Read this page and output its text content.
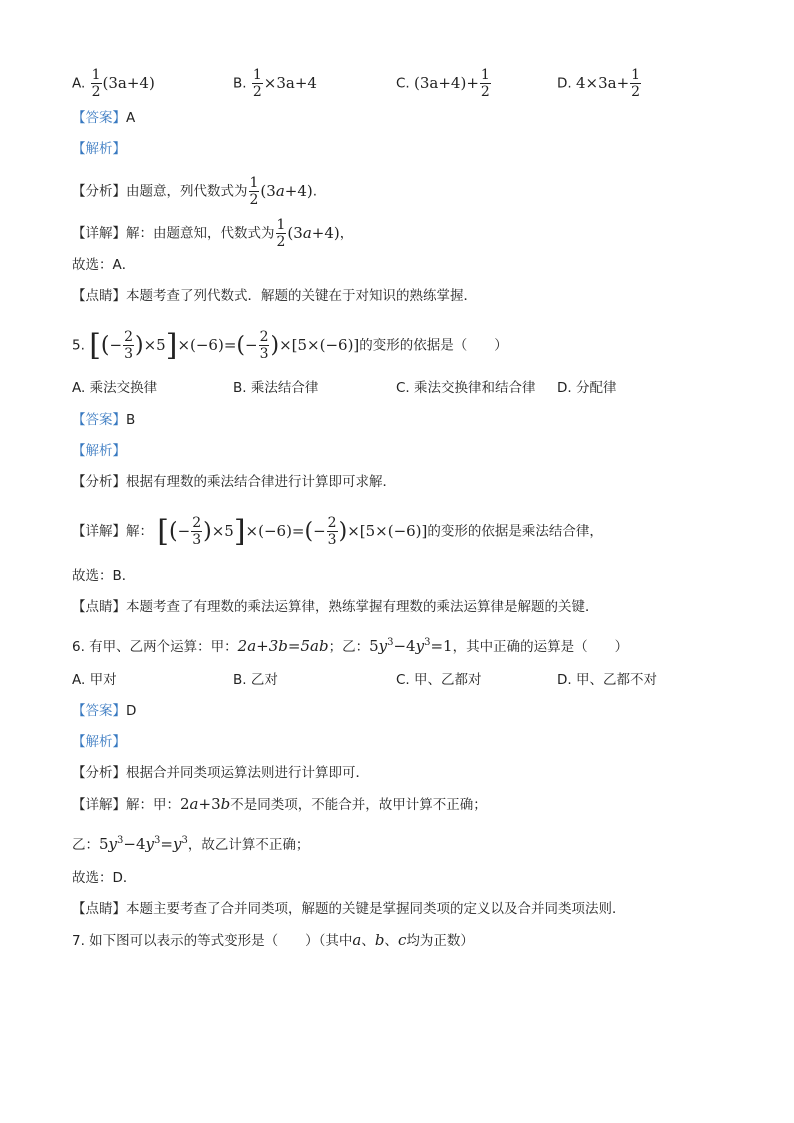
A. $\frac{1}{2} (3a+4)$	B. $\frac{1}{2} \times 3a+4$	C. $(3a+4)+ \frac{1}{2}$	D. $4\times 3a+ \frac{1}{2}$
【答案】A
【解析】
【分析】由题意，列代数式为 $\frac{1}{2} (3a+4)$.
【详解】解：由题意知，代数式为 $\frac{1}{2} (3a+4)$，
故选：A．
【点睛】本题考查了列代数式．解题的关键在于对知识的熟练掌握．
5. [(− $\frac{2}{3} )\times 5]\times(-6)=(- \frac{2}{3} )\times[5\times(-6)]$的变形的依据是（　　）
A. 乘法交换律	B. 乘法结合律	C. 乘法交换律和结合律 D. 分配律
【答案】B
【解析】
【分析】根据有理数的乘法结合律进行计算即可求解．
【详解】解： [(− $\frac{2}{3} )\times 5]\times(-6)=(- \frac{2}{3} )\times[5\times(-6)]$的变形的依据是乘法结合律，
故选：B．
【点睛】本题考查了有理数的乘法运算律，熟练掌握有理数的乘法运算律是解题的关键．
6. 有甲、乙两个运算：甲：2a+3b=5ab；乙：$5y^3-4y^3=1$，其中正确的运算是（　　）
A. 甲对	B. 乙对	C. 甲、乙都对	D. 甲、乙都不对
【答案】D
【解析】
【分析】根据合并同类项运算法则进行计算即可．
【详解】解：甲：2a+3b不是同类项，不能合并，故甲计算不正确；
乙：$5y^3-4y^3=y^3$，故乙计算不正确；
故选：D．
【点睛】本题主要考查了合并同类项，解题的关键是掌握同类项的定义以及合并同类项法则．
7. 如下图可以表示的等式变形是（　　）（其中a、b、c均为正数）
